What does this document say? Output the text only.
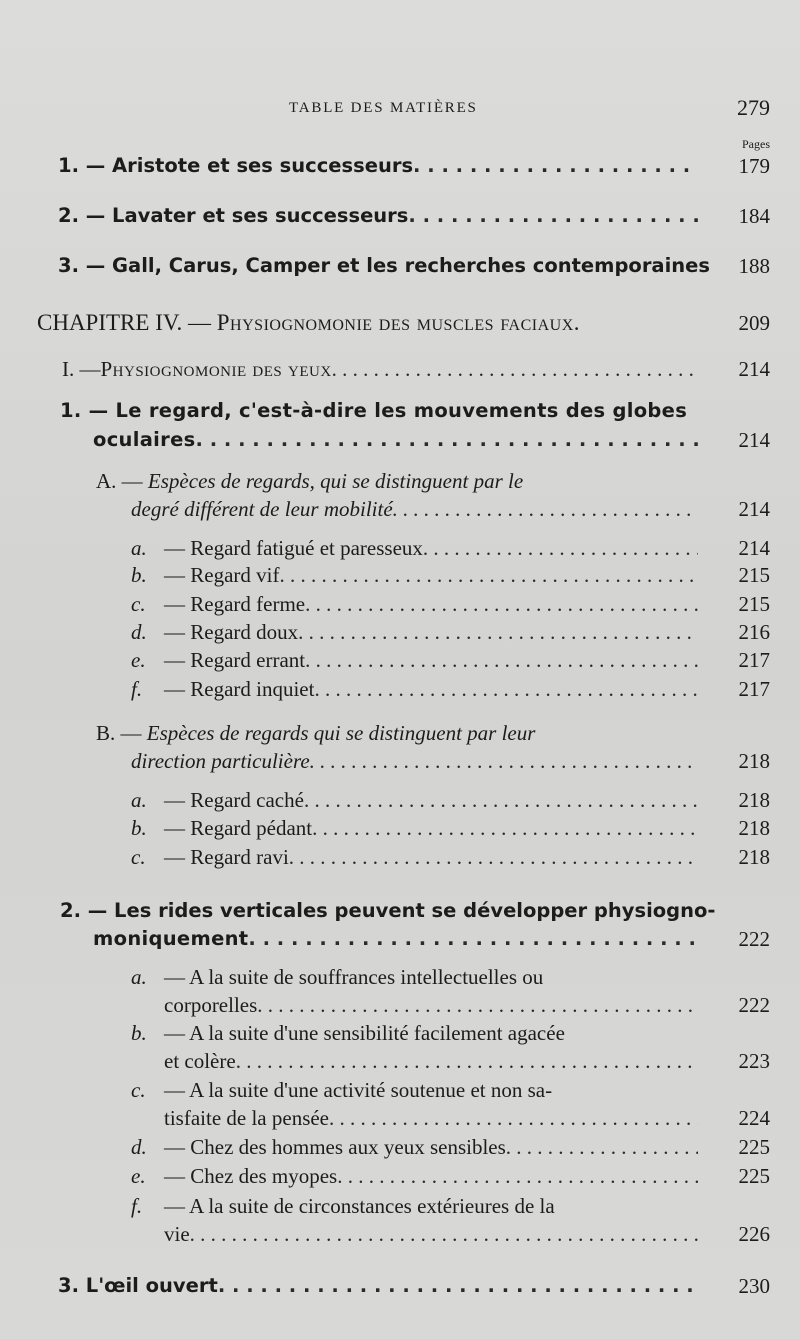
TABLE DES MATIÈRES	279
Pages
1. — Aristote et ses successeurs . . .	179
2. — Lavater et ses successeurs . . .	184
3. — Gall, Carus, Camper et les recherches contemporaines 188
CHAPITRE IV. — Physiognomonie des muscles faciaux.	209
I. — Physiognomonie des yeux . . .	214
1. — Le regard, c'est-à-dire les mouvements des globes
oculaires . . .	214
A. — Espèces de regards, qui se distinguent par le
degré différent de leur mobilité . . .	214
a. — Regard fatigué et paresseux . . .	214
b. — Regard vif . . .	215
c. — Regard ferme . . .	215
d. — Regard doux . . .	216
e. — Regard errant . . .	217
f.	— Regard inquiet . . .	217
B. — Espèces de regards qui se distinguent par leur
direction particulière . . .	218
a. — Regard caché . . .	218
b. — Regard pédant . . .	218
c. — Regard ravi . . .	218
2. — Les rides verticales peuvent se développer physiogno-
moniquement . . .	222
a. — A la suite de souffrances intellectuelles ou
corporelles . . .	222
b. — A la suite d'une sensibilité facilement agacée
et colère . . .	223
c. — A la suite d'une activité soutenue et non sa-
tisfaite de la pensée . . .	224
d. — Chez des hommes aux yeux sensibles . . .	225
e. — Chez des myopes . . .	225
f. — A la suite de circonstances extérieures de la
vie . . .	226
3. L'œil ouvert . . .	230
